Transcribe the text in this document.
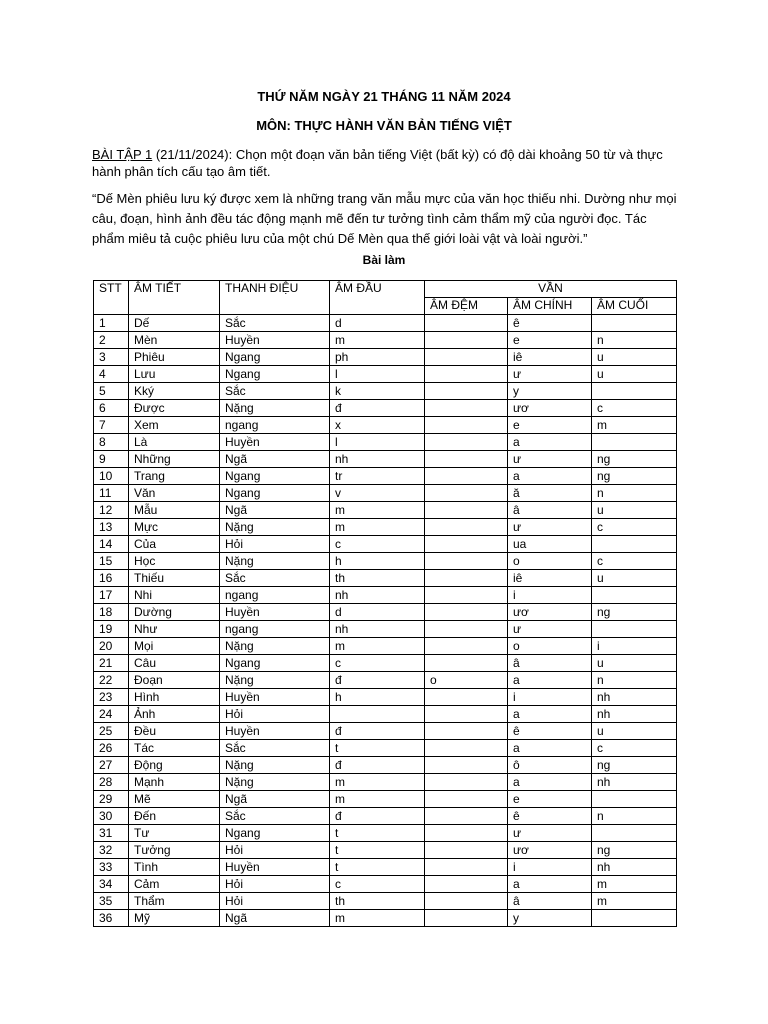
THỨ NĂM NGÀY 21 THÁNG 11 NĂM 2024
MÔN: THỰC HÀNH VĂN BẢN TIẾNG VIỆT
BÀI TẬP 1 (21/11/2024): Chọn một đoạn văn bản tiếng Việt (bất kỳ) có độ dài khoảng 50 từ và thực hành phân tích cấu tạo âm tiết.
“Dế Mèn phiêu lưu ký được xem là những trang văn mẫu mực của văn học thiếu nhi. Dường như mọi câu, đoạn, hình ảnh đều tác động mạnh mẽ đến tư tưởng tình cảm thẩm mỹ của người đọc. Tác phẩm miêu tả cuộc phiêu lưu của một chú Dế Mèn qua thế giới loài vật và loài người.”
Bài làm
STT	ÂM TIẾT	THANH ĐIỆU	ÂM ĐẦU	VẦN		
				ÂM ĐỆM	ÂM CHÍNH	ÂM CUỐI
1	Dế	Sắc	d		ê	
2	Mèn	Huyền	m		e	n
3	Phiêu	Ngang	ph		iê	u
4	Lưu	Ngang	l		ư	u
5	Kký	Sắc	k		y	
6	Được	Nặng	đ		ươ	c
7	Xem	ngang	x		e	m
8	Là	Huyền	l		a	
9	Những	Ngã	nh		ư	ng
10	Trang	Ngang	tr		a	ng
11	Văn	Ngang	v		ă	n
12	Mẫu	Ngã	m		â	u
13	Mực	Nặng	m		ư	c
14	Của	Hỏi	c		ua	
15	Học	Nặng	h		o	c
16	Thiếu	Sắc	th		iê	u
17	Nhi	ngang	nh		i	
18	Dường	Huyền	d		ươ	ng
19	Như	ngang	nh		ư	
20	Mọi	Nặng	m		o	i
21	Câu	Ngang	c		â	u
22	Đoạn	Nặng	đ	o	a	n
23	Hình	Huyền	h		i	nh
24	Ảnh	Hỏi			a	nh
25	Đều	Huyền	đ		ê	u
26	Tác	Sắc	t		a	c
27	Động	Nặng	đ		ô	ng
28	Mạnh	Nặng	m		a	nh
29	Mẽ	Ngã	m		e	
30	Đến	Sắc	đ		ê	n
31	Tư	Ngang	t		ư	
32	Tưởng	Hỏi	t		ươ	ng
33	Tình	Huyền	t		i	nh
34	Cảm	Hỏi	c		a	m
35	Thẩm	Hỏi	th		â	m
36	Mỹ	Ngã	m		y	
